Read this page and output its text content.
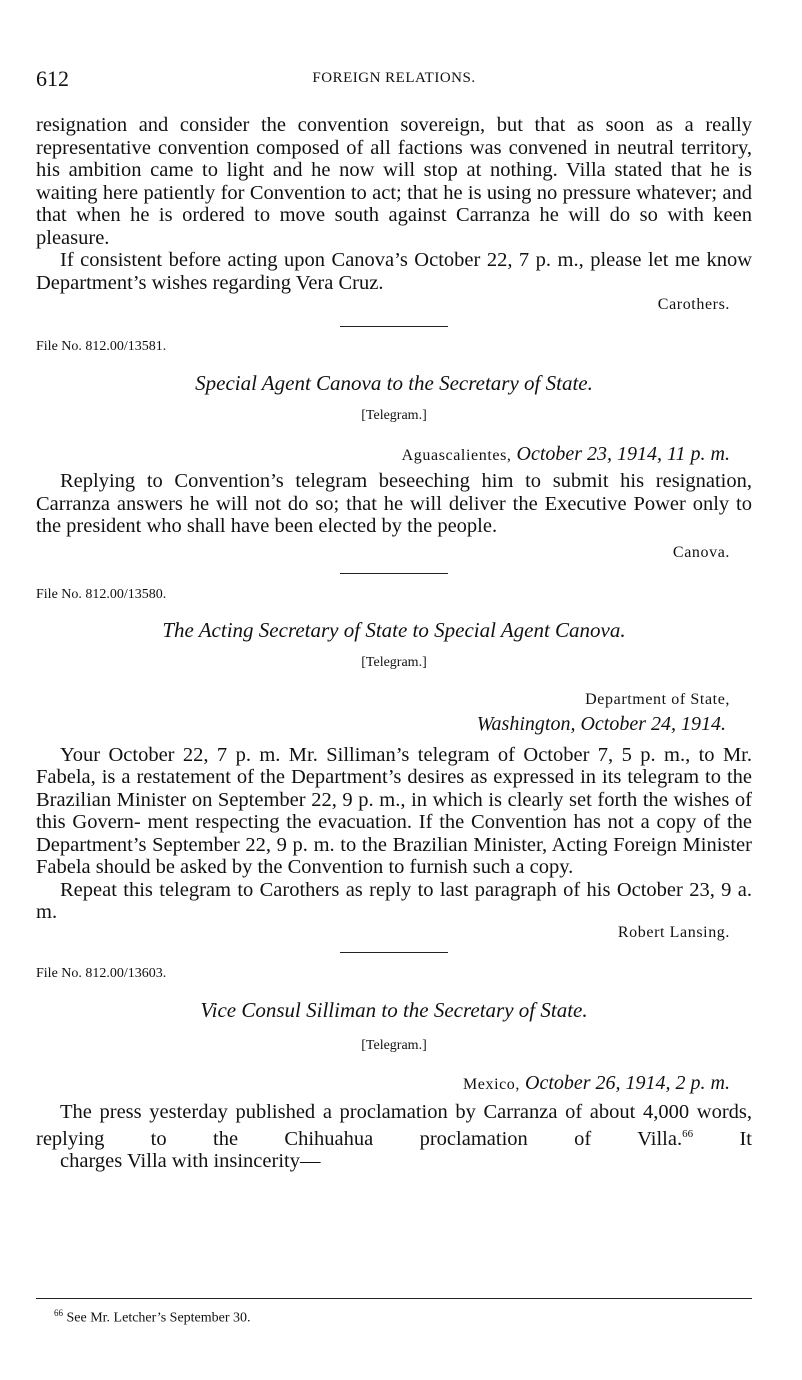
612	FOREIGN RELATIONS.

resignation and consider the convention sovereign, but that as soon as a really representative convention composed of all factions was convened in neutral territory, his ambition came to light and he now will stop at nothing. Villa stated that he is waiting here patiently for Convention to act; that he is using no pressure whatever; and that when he is ordered to move south against Carranza he will do so with keen pleasure.

If consistent before acting upon Canova’s October 22, 7 p. m., please let me know Department’s wishes regarding Vera Cruz.

Carothers.
File No. 812.00/13581.
Special Agent Canova to the Secretary of State.
[Telegram.]
Aguascalientes, October 23, 1914, 11 p. m.

Replying to Convention’s telegram beseeching him to submit his resignation, Carranza answers he will not do so; that he will deliver the Executive Power only to the president who shall have been elected by the people.

Canova.
File No. 812.00/13580.
The Acting Secretary of State to Special Agent Canova.
[Telegram.]
Department of State,
Washington, October 24, 1914.

Your October 22, 7 p. m. Mr. Silliman’s telegram of October 7, 5 p. m., to Mr. Fabela, is a restatement of the Department’s desires as expressed in its telegram to the Brazilian Minister on September 22, 9 p. m., in which is clearly set forth the wishes of this Govern- ment respecting the evacuation. If the Convention has not a copy of the Department’s September 22, 9 p. m. to the Brazilian Minister, Acting Foreign Minister Fabela should be asked by the Convention to furnish such a copy.

Repeat this telegram to Carothers as reply to last paragraph of his October 23, 9 a. m.

Robert Lansing.
File No. 812.00/13603.
Vice Consul Silliman to the Secretary of State.
[Telegram.]
Mexico, October 26, 1914, 2 p. m.

The press yesterday published a proclamation by Carranza of about 4,000 words, replying to the Chihuahua proclamation of Villa.$^{66}$ It charges Villa with insincerity—

$^{66}$ See Mr. Letcher’s September 30.
